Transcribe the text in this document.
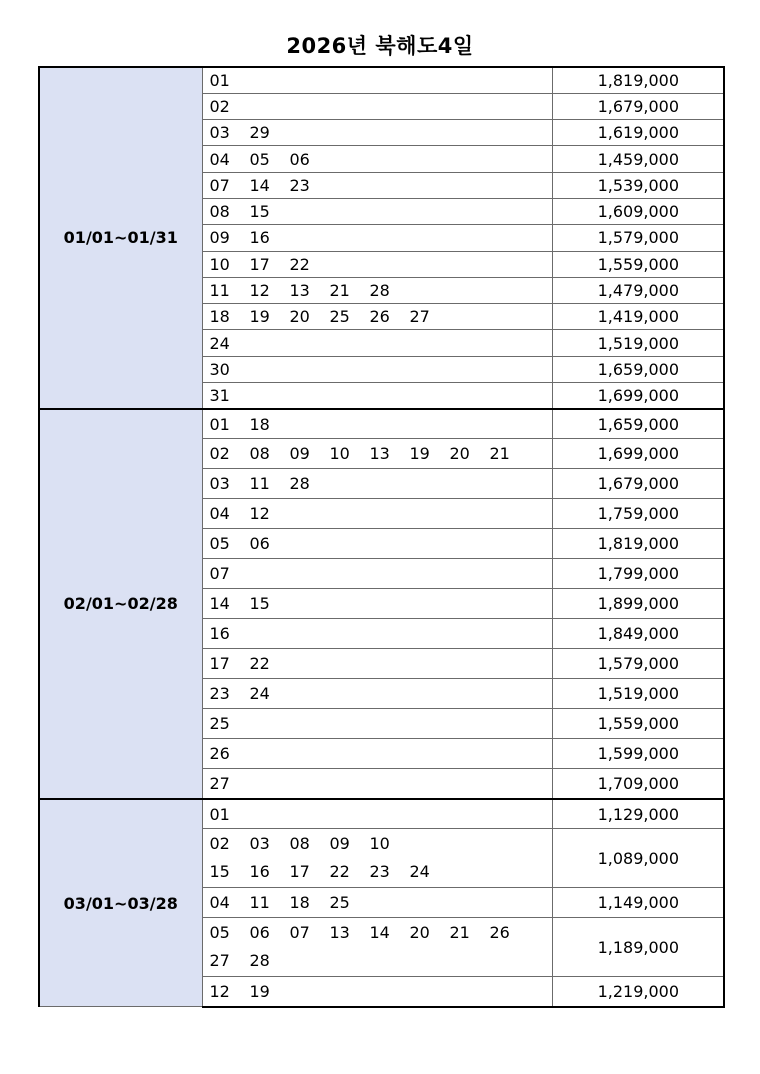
2026년 북해도4일
01/01~01/31	01	1,819,000

	02	1,679,000

	03 29	1,619,000

	04 05 06	1,459,000

	07 14 23	1,539,000

	08 15	1,609,000

	09 16	1,579,000

	10 17 22	1,559,000

	11 12 13 21 28	1,479,000

	18 19 20 25 26 27	1,419,000

	24	1,519,000

	30	1,659,000

	31	1,699,000
02/01~02/28	01 18	1,659,000

	02 08 09 10 13 19 20 21	1,699,000

	03 11 28	1,679,000

	04 12	1,759,000

	05 06	1,819,000

	07	1,799,000

	14 15	1,899,000

	16	1,849,000

	17 22	1,579,000

	23 24	1,519,000

	25	1,559,000

	26	1,599,000

	27	1,709,000
03/01~03/28	01	1,129,000

	02 03 08 09 10
15 16 17 22 23 24	1,089,000

	04 11 18 25	1,149,000

	05 06 07 13 14 20 21 26
27 28	1,189,000

	12 19	1,219,000
